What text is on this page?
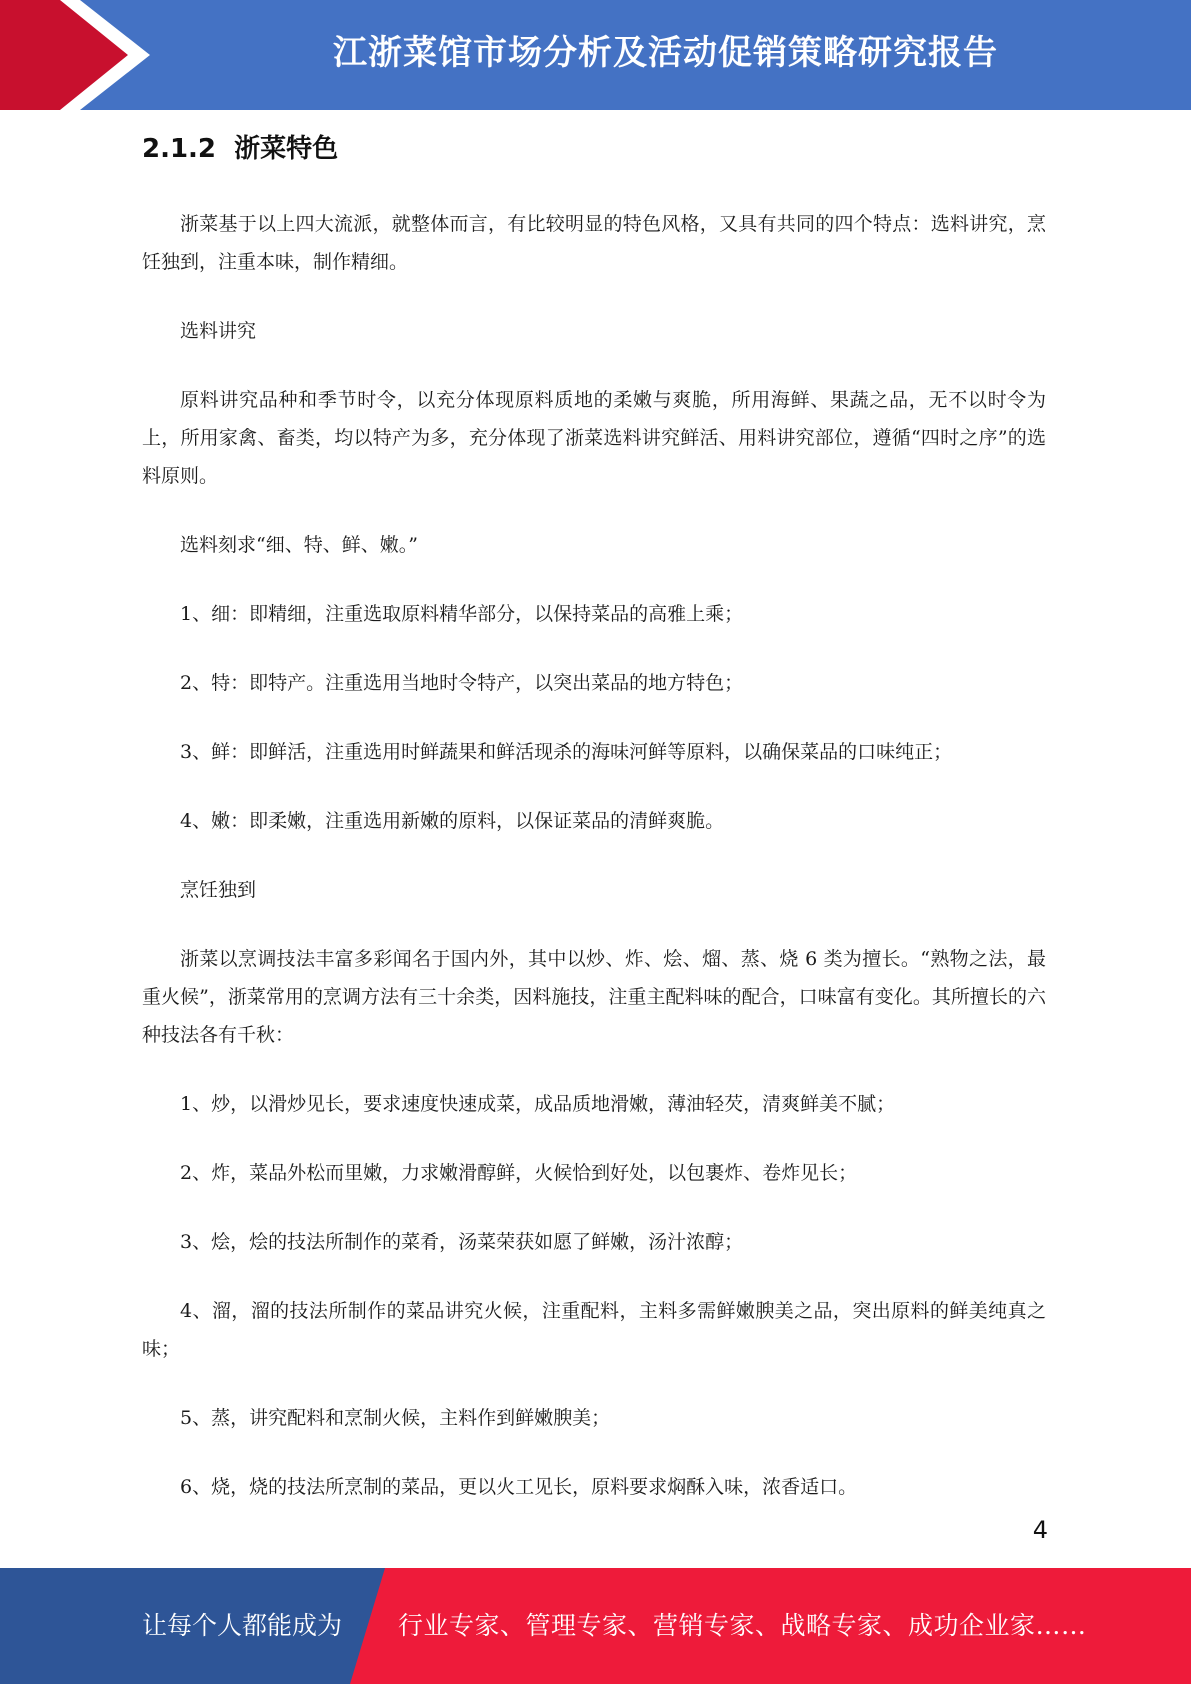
江浙菜馆市场分析及活动促销策略研究报告
2.1.2 浙菜特色

浙菜基于以上四大流派，就整体而言，有比较明显的特色风格，又具有共同的四个特点：选料讲究，烹饪独到，注重本味，制作精细。

选料讲究

原料讲究品种和季节时令，以充分体现原料质地的柔嫩与爽脆，所用海鲜、果蔬之品，无不以时令为上，所用家禽、畜类，均以特产为多，充分体现了浙菜选料讲究鲜活、用料讲究部位，遵循“四时之序”的选料原则。

选料刻求“细、特、鲜、嫩。”

1、细：即精细，注重选取原料精华部分，以保持菜品的高雅上乘；

2、特：即特产。注重选用当地时令特产，以突出菜品的地方特色；

3、鲜：即鲜活，注重选用时鲜蔬果和鲜活现杀的海味河鲜等原料，以确保菜品的口味纯正；

4、嫩：即柔嫩，注重选用新嫩的原料，以保证菜品的清鲜爽脆。

烹饪独到

浙菜以烹调技法丰富多彩闻名于国内外，其中以炒、炸、烩、熘、蒸、烧 6 类为擅长。“熟物之法，最重火候”，浙菜常用的烹调方法有三十余类，因料施技，注重主配料味的配合，口味富有变化。其所擅长的六种技法各有千秋：

1、炒，以滑炒见长，要求速度快速成菜，成品质地滑嫩，薄油轻芡，清爽鲜美不腻；

2、炸，菜品外松而里嫩，力求嫩滑醇鲜，火候恰到好处，以包裹炸、卷炸见长；

3、烩，烩的技法所制作的菜肴，汤菜荣获如愿了鲜嫩，汤汁浓醇；

4、溜，溜的技法所制作的菜品讲究火候，注重配料，主料多需鲜嫩腴美之品，突出原料的鲜美纯真之味；

5、蒸，讲究配料和烹制火候，主料作到鲜嫩腴美；

6、烧，烧的技法所烹制的菜品，更以火工见长，原料要求焖酥入味，浓香适口。

4
让每个人都能成为 行业专家、管理专家、营销专家、战略专家、成功企业家……
